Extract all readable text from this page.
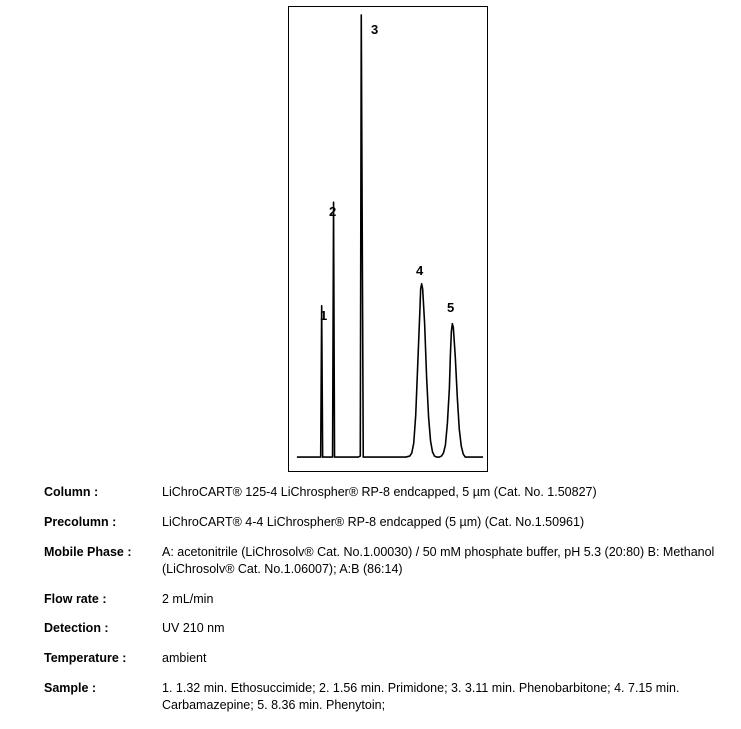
1
2
3
4
5
Column :	LiChroCART® 125-4 LiChrospher® RP-8 endcapped, 5 µm (Cat. No. 1.50827)
Precolumn :	LiChroCART® 4-4 LiChrospher® RP-8 endcapped (5 µm) (Cat. No.1.50961)
Mobile Phase :	A: acetonitrile (LiChrosolv® Cat. No.1.00030) / 50 mM phosphate buffer, pH 5.3 (20:80) B: Methanol (LiChrosolv® Cat. No.1.06007); A:B (86:14)
Flow rate :	2 mL/min
Detection :	UV 210 nm
Temperature :	ambient
Sample :	1. 1.32 min. Ethosuccimide; 2. 1.56 min. Primidone; 3. 3.11 min. Phenobarbitone; 4. 7.15 min. Carbamazepine; 5. 8.36 min. Phenytoin;
